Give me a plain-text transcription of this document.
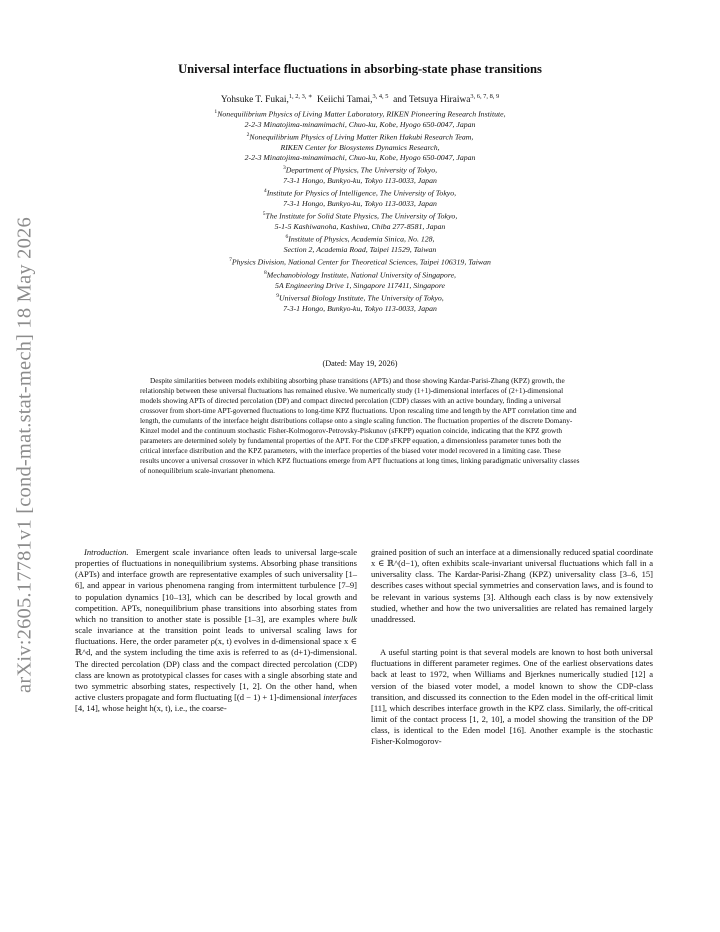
arXiv:2605.17781v1 [cond-mat.stat-mech] 18 May 2026
Universal interface fluctuations in absorbing-state phase transitions
Yohsuke T. Fukai,$^{1, 2, 3, ∗}$ Keiichi Tamai,$^{3, 4, 5}$ and Tetsuya Hiraiwa$^{3, 6, 7, 8, 9}$
$^1$Nonequilibrium Physics of Living Matter Laboratory, RIKEN Pioneering Research Institute,
2-2-3 Minatojima-minamimachi, Chuo-ku, Kobe, Hyogo 650-0047, Japan
$^2$Nonequilibrium Physics of Living Matter Riken Hakubi Research Team,
RIKEN Center for Biosystems Dynamics Research,
2-2-3 Minatojima-minamimachi, Chuo-ku, Kobe, Hyogo 650-0047, Japan
$^3$Department of Physics, The University of Tokyo,
7-3-1 Hongo, Bunkyo-ku, Tokyo 113-0033, Japan
$^4$Institute for Physics of Intelligence, The University of Tokyo,
7-3-1 Hongo, Bunkyo-ku, Tokyo 113-0033, Japan
$^5$The Institute for Solid State Physics, The University of Tokyo,
5-1-5 Kashiwanoha, Kashiwa, Chiba 277-8581, Japan
$^6$Institute of Physics, Academia Sinica, No. 128,
Section 2, Academia Road, Taipei 11529, Taiwan
$^7$Physics Division, National Center for Theoretical Sciences, Taipei 106319, Taiwan
$^8$Mechanobiology Institute, National University of Singapore,
5A Engineering Drive 1, Singapore 117411, Singapore
$^9$Universal Biology Institute, The University of Tokyo,
7-3-1 Hongo, Bunkyo-ku, Tokyo 113-0033, Japan
(Dated: May 19, 2026)

Despite similarities between models exhibiting absorbing phase transitions (APTs) and those showing Kardar-Parisi-Zhang (KPZ) growth, the relationship between these universal fluctuations has remained elusive. We numerically study (1+1)-dimensional interfaces of (2+1)-dimensional models showing APTs of directed percolation (DP) and compact directed percolation (CDP) classes with an active boundary, finding a universal crossover from short-time APT-governed fluctuations to long-time KPZ fluctuations. Upon rescaling time and length by the APT correlation time and length, the cumulants of the interface height distributions collapse onto a single scaling function. The fluctuation properties of the discrete Domany-Kinzel model and the continuum stochastic Fisher-Kolmogorov-Petrovsky-Piskunov (sFKPP) equation coincide, indicating that the KPZ growth parameters are determined solely by fundamental properties of the APT. For the CDP sFKPP equation, a dimensionless parameter tunes both the critical interface distribution and the KPZ parameters, with the interface properties of the biased voter model recovered in a limiting case. These results uncover a universal crossover in which KPZ fluctuations emerge from APT fluctuations at long times, linking paradigmatic universality classes of nonequilibrium scale-invariant phenomena.

Introduction. Emergent scale invariance often leads to universal large-scale properties of fluctuations in nonequilibrium systems. Absorbing phase transitions (APTs) and interface growth are representative examples of such universality [1–6], and appear in various phenomena ranging from intermittent turbulence [7–9] to population dynamics [10–13], which can be described by local growth and competition. APTs, nonequilibrium phase transitions into absorbing states from which no transition to another state is possible [1–3], are examples where bulk scale invariance at the transition point leads to universal scaling laws for fluctuations. Here, the order parameter ρ(x, t) evolves in d-dimensional space x ∈ ℝ^d, and the system including the time axis is referred to as (d+1)-dimensional. The directed percolation (DP) class and the compact directed percolation (CDP) class are known as prototypical classes for cases with a single absorbing state and two symmetric absorbing states, respectively [1, 2]. On the other hand, when active clusters propagate and form fluctuating [(d − 1) + 1]-dimensional interfaces [4, 14], whose height h(x, t), i.e., the coarse-

grained position of such an interface at a dimensionally reduced spatial coordinate x ∈ ℝ^(d−1), often exhibits scale-invariant universal fluctuations which fall in a universality class. The Kardar-Parisi-Zhang (KPZ) universality class [3–6, 15] describes cases without special symmetries and conservation laws, and is found to be relevant in various systems [3]. Although each class is by now extensively studied, whether and how the two universalities are related has remained largely unaddressed.

A useful starting point is that several models are known to host both universal fluctuations in different parameter regimes. One of the earliest observations dates back at least to 1972, when Williams and Bjerknes numerically studied [12] a version of the biased voter model, a model known to show the CDP-class transition, and discussed its connection to the Eden model in the off-critical limit [11], which describes interface growth in the KPZ class. Similarly, the off-critical limit of the contact process [1, 2, 10], a model showing the transition of the DP class, is identical to the Eden model [16]. Another example is the stochastic Fisher-Kolmogorov-
